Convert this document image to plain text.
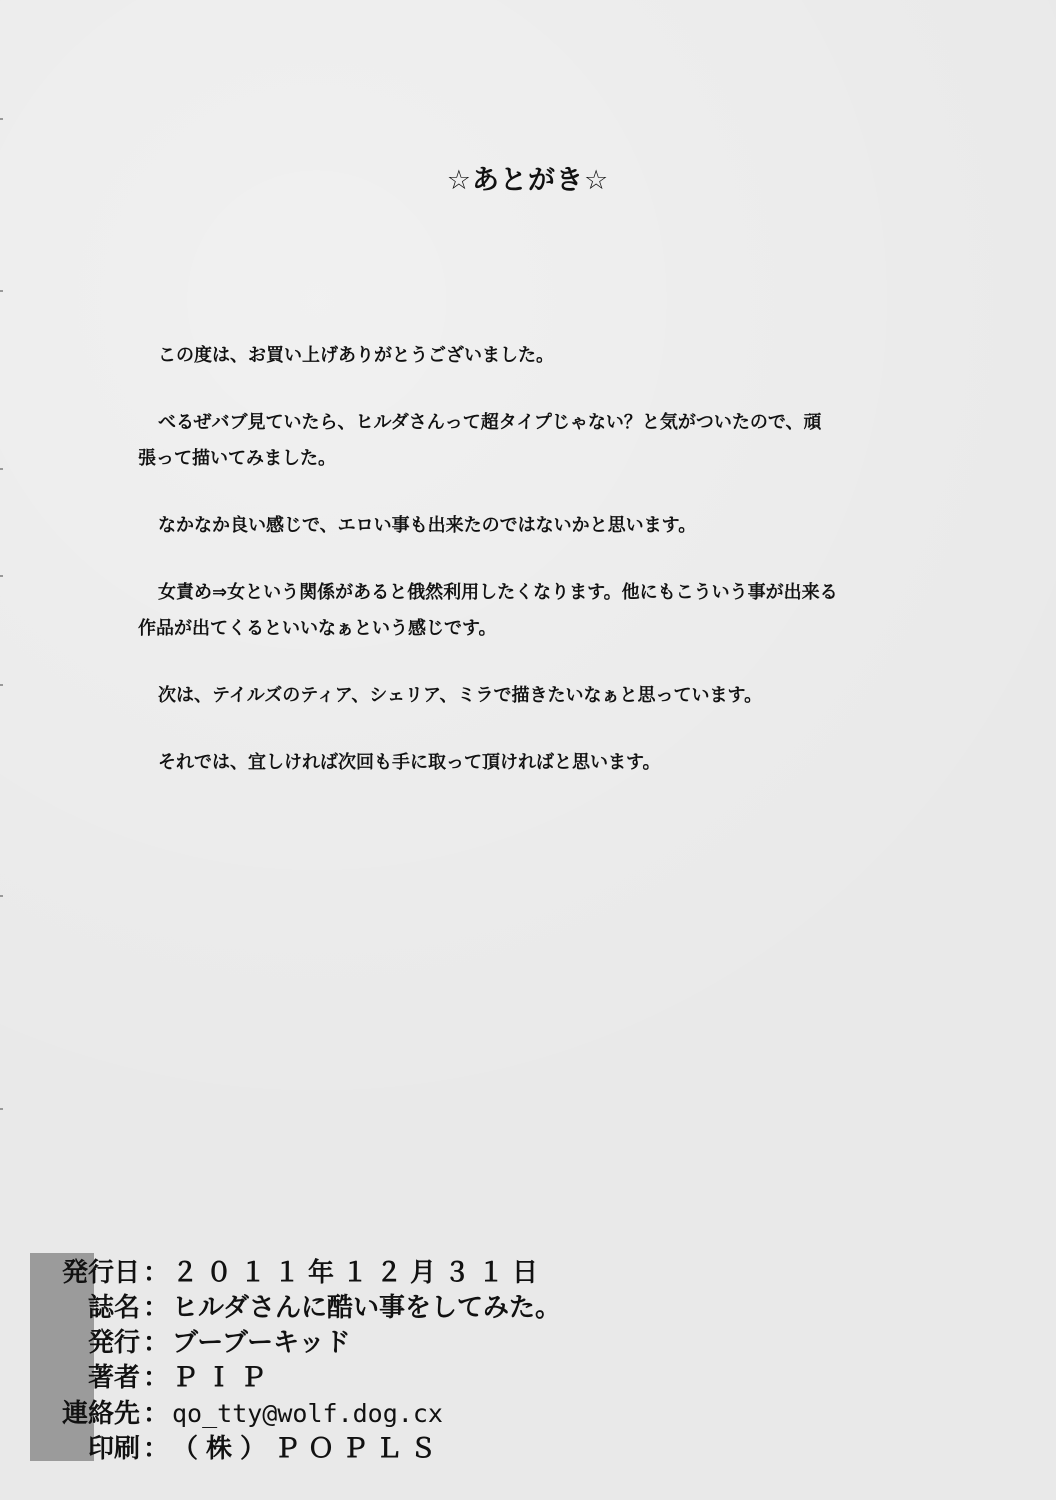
☆あとがき☆

この度は、お買い上げありがとうございました。

べるぜバブ見ていたら、ヒルダさんって超タイプじゃない？と気がついたので、頑
張って描いてみました。

なかなか良い感じで、エロい事も出来たのではないかと思います。

女責め⇒女という関係があると俄然利用したくなります。他にもこういう事が出来る
作品が出てくるといいなぁという感じです。

次は、テイルズのティア、シェリア、ミラで描きたいなぁと思っています。

それでは、宜しければ次回も手に取って頂ければと思います。

発行日 ： ２０１１年１２月３１日
誌名 ： ヒルダさんに酷い事をしてみた。
発行 ： ブーブーキッド
著者 ： ＰＩＰ
連絡先 ： qo_tty@wolf.dog.cx
印刷 ： （株）ＰＯＰＬＳ
